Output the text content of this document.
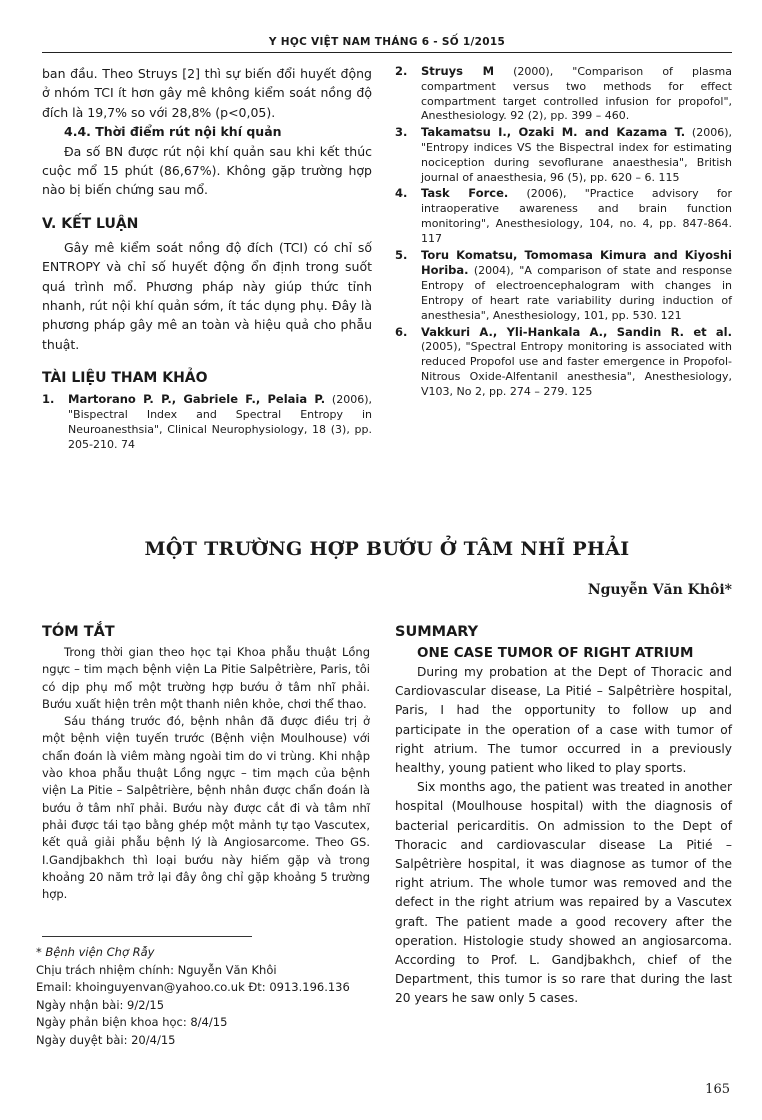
Y HỌC VIỆT NAM THÁNG 6 - SỐ 1/2015

ban đầu. Theo Struys [2] thì sự biến đổi huyết động ở nhóm TCI ít hơn gây mê không kiểm soát nồng độ đích là 19,7% so với 28,8% (p<0,05).

4.4. Thời điểm rút nội khí quản

Đa số BN được rút nội khí quản sau khi kết thúc cuộc mổ 15 phút (86,67%). Không gặp trường hợp nào bị biến chứng sau mổ.

V. KẾT LUẬN

Gây mê kiểm soát nồng độ đích (TCI) có chỉ số ENTROPY và chỉ số huyết động ổn định trong suốt quá trình mổ. Phương pháp này giúp thức tỉnh nhanh, rút nội khí quản sớm, ít tác dụng phụ. Đây là phương pháp gây mê an toàn và hiệu quả cho phẫu thuật.

TÀI LIỆU THAM KHẢO
1. Martorano P. P., Gabriele F., Pelaia P. (2006), "Bispectral Index and Spectral Entropy in Neuroanesthsia", Clinical Neurophysiology, 18 (3), pp. 205-210. 74
2. Struys M (2000), "Comparison of plasma compartment versus two methods for effect compartment target controlled infusion for propofol", Anesthesiology. 92 (2), pp. 399 – 460.
3. Takamatsu I., Ozaki M. and Kazama T. (2006), "Entropy indices VS the Bispectral index for estimating nociception during sevoflurane anaesthesia", British journal of anaesthesia, 96 (5), pp. 620 – 6. 115
4. Task Force. (2006), "Practice advisory for intraoperative awareness and brain function monitoring", Anesthesiology, 104, no. 4, pp. 847-864. 117
5. Toru Komatsu, Tomomasa Kimura and Kiyoshi Horiba. (2004), "A comparison of state and response Entropy of electroencephalogram with changes in Entropy of heart rate variability during induction of anesthesia", Anesthesiology, 101, pp. 530. 121
6. Vakkuri A., Yli-Hankala A., Sandin R. et al. (2005), "Spectral Entropy monitoring is associated with reduced Propofol use and faster emergence in Propofol-Nitrous Oxide-Alfentanil anesthesia", Anesthesiology, V103, No 2, pp. 274 – 279. 125
MỘT TRƯỜNG HỢP BƯỚU Ở TÂM NHĨ PHẢI
Nguyễn Văn Khôi*
TÓM TẮT

Trong thời gian theo học tại Khoa phẫu thuật Lồng ngực – tim mạch bệnh viện La Pitie Salpêtrière, Paris, tôi có dịp phụ mổ một trường hợp bướu ở tâm nhĩ phải. Bướu xuất hiện trên một thanh niên khỏe, chơi thể thao.

Sáu tháng trước đó, bệnh nhân đã được điều trị ở một bệnh viện tuyến trước (Bệnh viện Moulhouse) với chẩn đoán là viêm màng ngoài tim do vi trùng. Khi nhập vào khoa phẫu thuật Lồng ngực – tim mạch của bệnh viện La Pitie – Salpêtrière, bệnh nhân được chẩn đoán là bướu ở tâm nhĩ phải. Bướu này được cắt đi và tâm nhĩ phải được tái tạo bằng ghép một mảnh tự tạo Vascutex, kết quả giải phẫu bệnh lý là Angiosarcome. Theo GS. I.Gandjbakhch thì loại bướu này hiếm gặp và trong khoảng 20 năm trở lại đây ông chỉ gặp khoảng 5 trường hợp.

SUMMARY
ONE CASE TUMOR OF RIGHT ATRIUM

During my probation at the Dept of Thoracic and Cardiovascular disease, La Pitié – Salpêtrière hospital, Paris, I had the opportunity to follow up and participate in the operation of a case with tumor of right atrium. The tumor occurred in a previously healthy, young patient who liked to play sports.

Six months ago, the patient was treated in another hospital (Moulhouse hospital) with the diagnosis of bacterial pericarditis. On admission to the Dept of Thoracic and cardiovascular disease La Pitié – Salpêtrière hospital, it was diagnose as tumor of the right atrium. The whole tumor was removed and the defect in the right atrium was repaired by a Vascutex graft. The patient made a good recovery after the operation. Histologie study showed an angiosarcoma. According to Prof. L. Gandjbakhch, chief of the Department, this tumor is so rare that during the last 20 years he saw only 5 cases.

* Bệnh viện Chợ Rẫy
Chịu trách nhiệm chính: Nguyễn Văn Khôi
Email: khoinguyenvan@yahoo.co.uk Đt: 0913.196.136
Ngày nhận bài: 9/2/15
Ngày phản biện khoa học: 8/4/15
Ngày duyệt bài: 20/4/15
165
